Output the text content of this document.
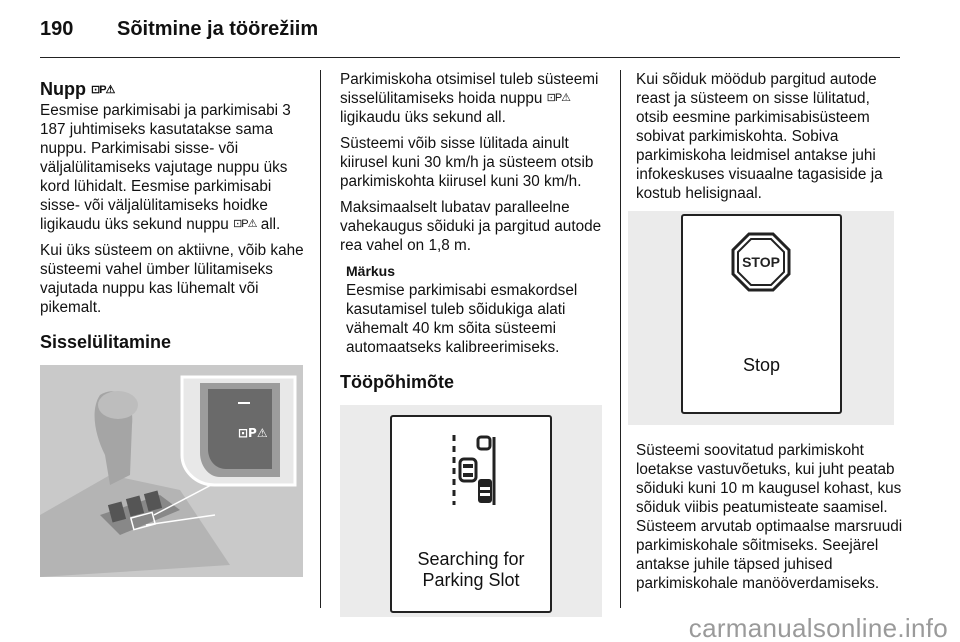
190	Sõitmine ja töörežiim
Nupp ⊡P⚠

Eesmise parkimisabi ja parkimisabi 3 187 juhtimiseks kasutatakse sama nuppu. Parkimisabi sisse- või väljalülitamiseks vajutage nuppu üks kord lühidalt. Eesmise parkimisabi sisse- või väljalülitamiseks hoidke ligikaudu üks sekund nuppu ⊡P⚠ all.

Kui üks süsteem on aktiivne, võib kahe süsteemi vahel ümber lülitamiseks vajutada nuppu kas lühemalt või pikemalt.

Sisselülitamine
⊡P⚠

Parkimiskoha otsimisel tuleb süsteemi sisselülitamiseks hoida nuppu ⊡P⚠ ligikaudu üks sekund all.

Süsteemi võib sisse lülitada ainult kiirusel kuni 30 km/h ja süsteem otsib parkimiskohta kiirusel kuni 30 km/h.

Maksimaalselt lubatav paralleelne vahekaugus sõiduki ja pargitud autode rea vahel on 1,8 m.

Märkus
Eesmise parkimisabi esmakordsel kasutamisel tuleb sõidukiga alati vähemalt 40 km sõita süsteemi automaatseks kalibreerimiseks.
Tööpõhimõte
Searching for
Parking Slot

Kui sõiduk möödub pargitud autode reast ja süsteem on sisse lülitatud, otsib eesmine parkimisabisüsteem sobivat parkimiskohta. Sobiva parkimiskoha leidmisel antakse juhi infokeskuses visuaalne tagasiside ja kostub helisignaal.

STOP
Stop

Süsteemi soovitatud parkimiskoht loetakse vastuvõetuks, kui juht peatab sõiduki kuni 10 m kaugusel kohast, kus sõiduk viibis peatumisteate saamisel. Süsteem arvutab optimaalse marsruudi parkimiskohale sõitmiseks. Seejärel antakse juhile täpsed juhised parkimiskohale manööverdamiseks.

carmanualsonline.info
